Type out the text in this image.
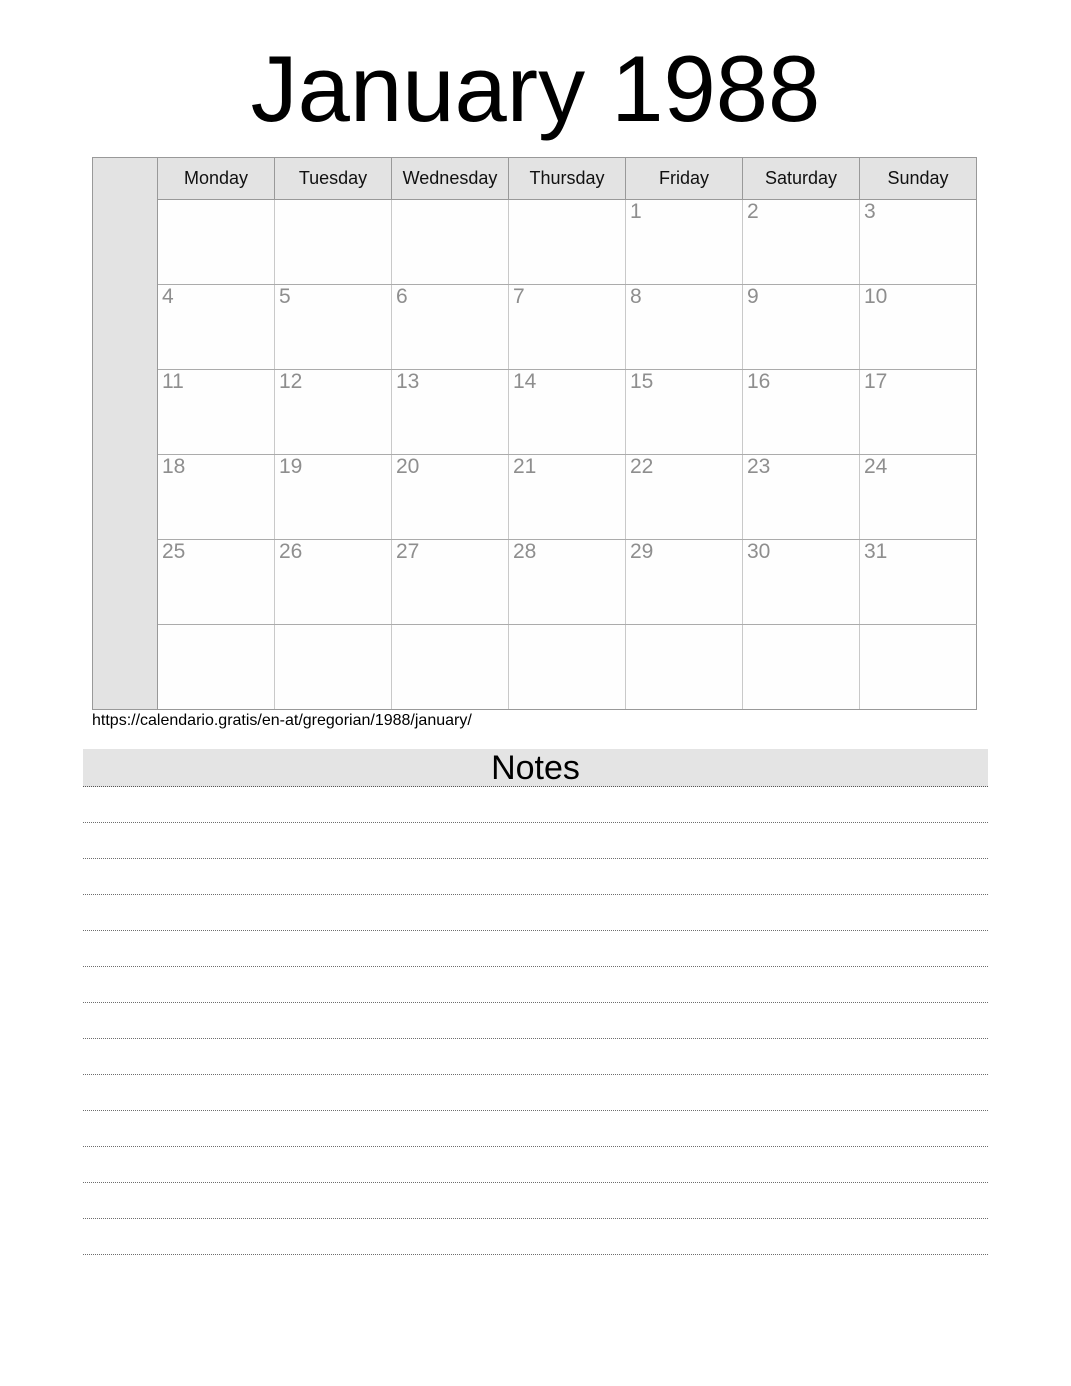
January 1988
	Monday	Tuesday	Wednesday	Thursday	Friday	Saturday	Sunday
					1	2	3
	4	5	6	7	8	9	10
	11	12	13	14	15	16	17
	18	19	20	21	22	23	24
	25	26	27	28	29	30	31

https://calendario.gratis/en-at/gregorian/1988/january/
Notes
